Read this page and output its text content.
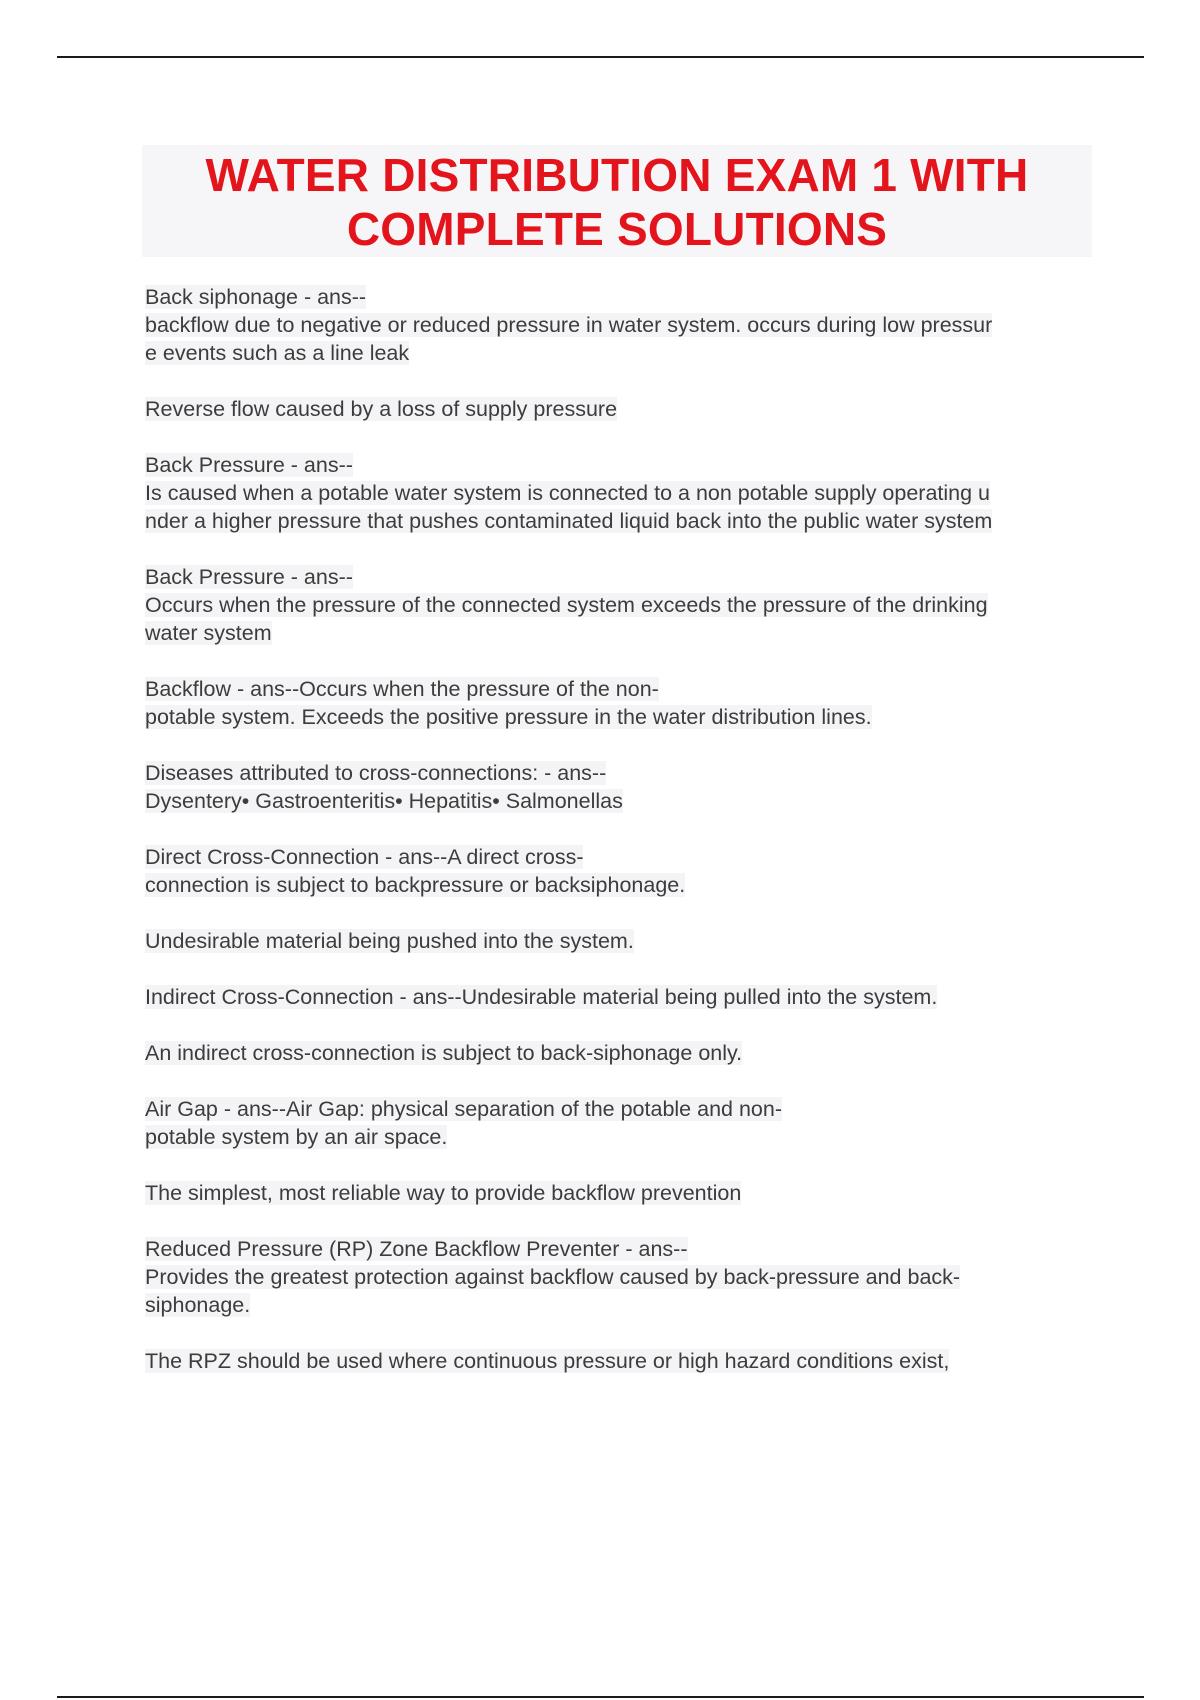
WATER DISTRIBUTION EXAM 1 WITH
COMPLETE SOLUTIONS
Back siphonage - ans--
backflow due to negative or reduced pressure in water system. occurs during low pressur
e events such as a line leak
Reverse flow caused by a loss of supply pressure
Back Pressure - ans--
Is caused when a potable water system is connected to a non potable supply operating u
nder a higher pressure that pushes contaminated liquid back into the public water system
Back Pressure - ans--
Occurs when the pressure of the connected system exceeds the pressure of the drinking
water system
Backflow - ans--Occurs when the pressure of the non-
potable system. Exceeds the positive pressure in the water distribution lines.
Diseases attributed to cross-connections: - ans--
Dysentery• Gastroenteritis• Hepatitis• Salmonellas
Direct Cross-Connection - ans--A direct cross-
connection is subject to backpressure or backsiphonage.
Undesirable material being pushed into the system.
Indirect Cross-Connection - ans--Undesirable material being pulled into the system.
An indirect cross-connection is subject to back-siphonage only.
Air Gap - ans--Air Gap: physical separation of the potable and non-
potable system by an air space.
The simplest, most reliable way to provide backflow prevention
Reduced Pressure (RP) Zone Backflow Preventer - ans--
Provides the greatest protection against backflow caused by back-pressure and back-
siphonage.
The RPZ should be used where continuous pressure or high hazard conditions exist,
